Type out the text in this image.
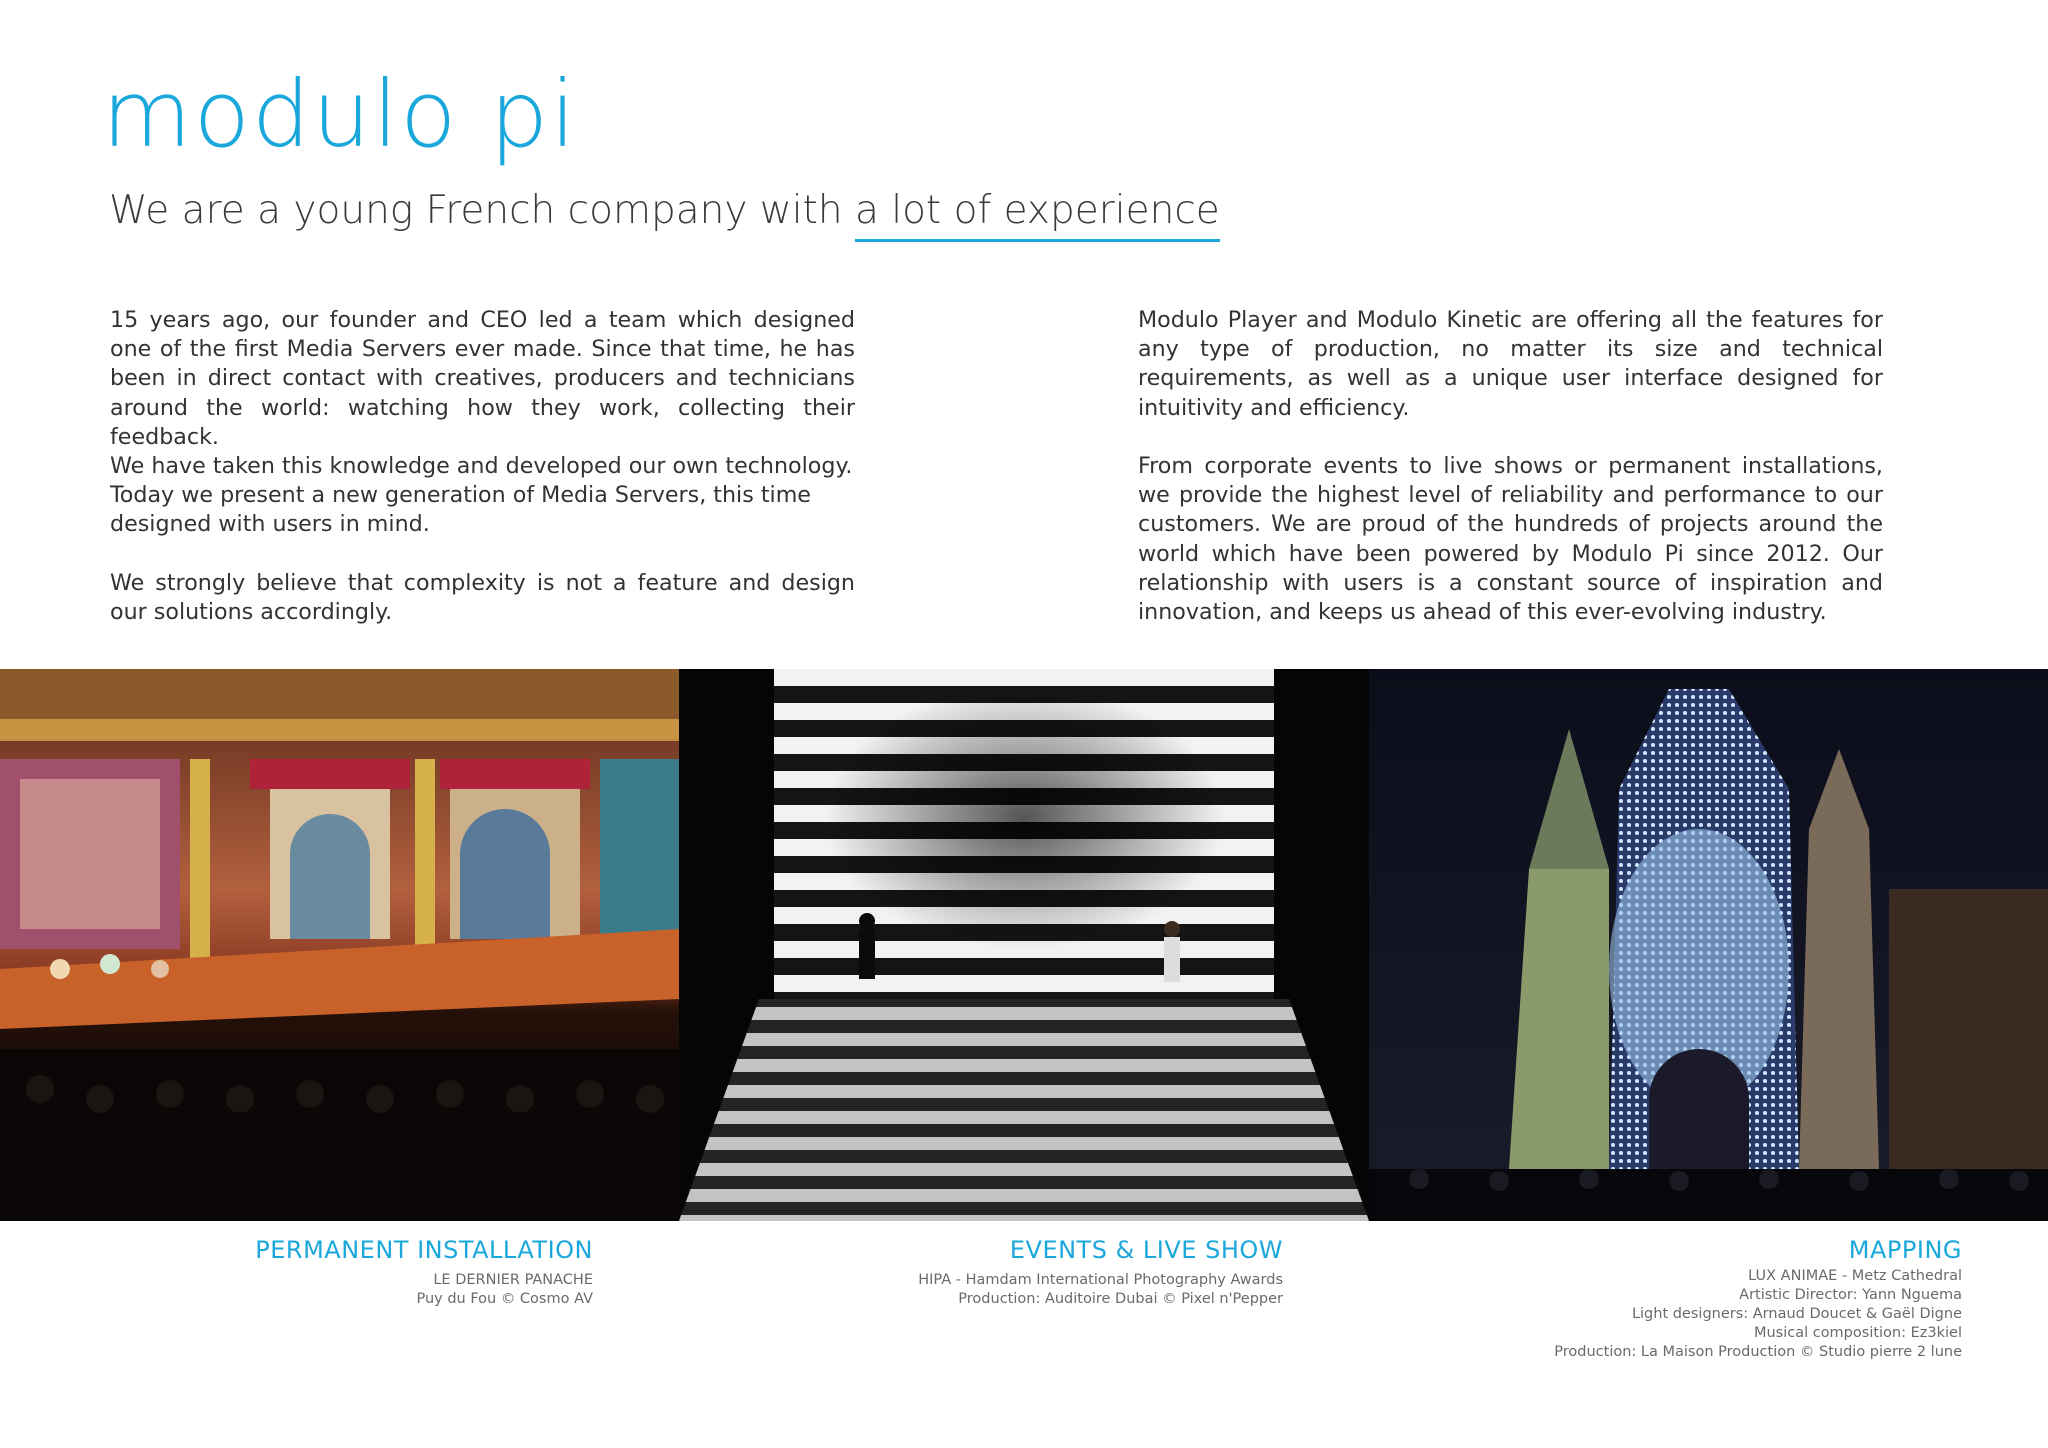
modulo pi
We are a young French company with a lot of experience

15 years ago, our founder and CEO led a team which designed one of the first Media Servers ever made. Since that time, he has been in direct contact with creatives, producers and technicians around the world: watching how they work, collecting their feedback.
We have taken this knowledge and developed our own technology.
Today we present a new generation of Media Servers, this time designed with users in mind.

We strongly believe that complexity is not a feature and design our solutions accordingly.

Modulo Player and Modulo Kinetic are offering all the features for any type of production, no matter its size and technical requirements, as well as a unique user interface designed for intuitivity and efficiency.

From corporate events to live shows or permanent installations, we provide the highest level of reliability and performance to our customers. We are proud of the hundreds of projects around the world which have been powered by Modulo Pi since 2012. Our relationship with users is a constant source of inspiration and innovation, and keeps us ahead of this ever-evolving industry.

PERMANENT INSTALLATION
LE DERNIER PANACHE
Puy du Fou © Cosmo AV
EVENTS & LIVE SHOW
HIPA - Hamdam International Photography Awards
Production: Auditoire Dubai © Pixel n'Pepper
MAPPING
LUX ANIMAE - Metz Cathedral
Artistic Director: Yann Nguema
Light designers: Arnaud Doucet & Gaël Digne
Musical composition: Ez3kiel
Production: La Maison Production © Studio pierre 2 lune
